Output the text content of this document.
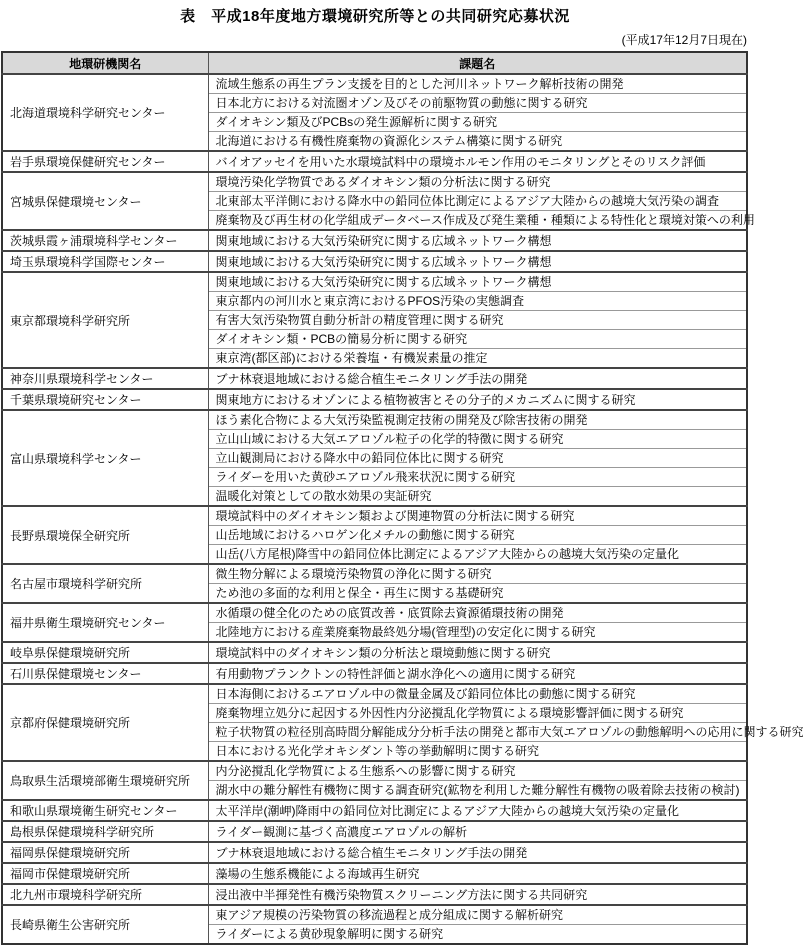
表　平成18年度地方環境研究所等との共同研究応募状況
(平成17年12月7日現在)
地環研機関名	課題名
北海道環境科学研究センター	流域生態系の再生プラン支援を目的とした河川ネットワーク解析技術の開発
	日本北方における対流圏オゾン及びその前駆物質の動態に関する研究
	ダイオキシン類及びPCBsの発生源解析に関する研究
	北海道における有機性廃棄物の資源化システム構築に関する研究
岩手県環境保健研究センター	バイオアッセイを用いた水環境試料中の環境ホルモン作用のモニタリングとそのリスク評価
宮城県保健環境センター	環境汚染化学物質であるダイオキシン類の分析法に関する研究
	北東部太平洋側における降水中の鉛同位体比測定によるアジア大陸からの越境大気汚染の調査
	廃棄物及び再生材の化学組成データベース作成及び発生業種・種類による特性化と環境対策への利用
茨城県霞ヶ浦環境科学センター	関東地域における大気汚染研究に関する広域ネットワーク構想
埼玉県環境科学国際センター	関東地域における大気汚染研究に関する広域ネットワーク構想
東京都環境科学研究所	関東地域における大気汚染研究に関する広域ネットワーク構想
	東京都内の河川水と東京湾におけるPFOS汚染の実態調査
	有害大気汚染物質自動分析計の精度管理に関する研究
	ダイオキシン類・PCBの簡易分析に関する研究
	東京湾(都区部)における栄養塩・有機炭素量の推定
神奈川県環境科学センター	ブナ林衰退地域における総合植生モニタリング手法の開発
千葉県環境研究センター	関東地方におけるオゾンによる植物被害とその分子的メカニズムに関する研究
富山県環境科学センター	ほう素化合物による大気汚染監視測定技術の開発及び除害技術の開発
	立山山域における大気エアロゾル粒子の化学的特徴に関する研究
	立山観測局における降水中の鉛同位体比に関する研究
	ライダーを用いた黄砂エアロゾル飛来状況に関する研究
	温暖化対策としての散水効果の実証研究
長野県環境保全研究所	環境試料中のダイオキシン類および関連物質の分析法に関する研究
	山岳地域におけるハロゲン化メチルの動態に関する研究
	山岳(八方尾根)降雪中の鉛同位体比測定によるアジア大陸からの越境大気汚染の定量化
名古屋市環境科学研究所	微生物分解による環境汚染物質の浄化に関する研究
	ため池の多面的な利用と保全・再生に関する基礎研究
福井県衛生環境研究センター	水循環の健全化のための底質改善・底質除去資源循環技術の開発
	北陸地方における産業廃棄物最終処分場(管理型)の安定化に関する研究
岐阜県保健環境研究所	環境試料中のダイオキシン類の分析法と環境動態に関する研究
石川県保健環境センター	有用動物プランクトンの特性評価と湖水浄化への適用に関する研究
京都府保健環境研究所	日本海側におけるエアロゾル中の微量金属及び鉛同位体比の動態に関する研究
	廃棄物埋立処分に起因する外因性内分泌撹乱化学物質による環境影響評価に関する研究
	粒子状物質の粒径別高時間分解能成分分析手法の開発と都市大気エアロゾルの動態解明への応用に関する研究
	日本における光化学オキシダント等の挙動解明に関する研究
鳥取県生活環境部衛生環境研究所	内分泌撹乱化学物質による生態系への影響に関する研究
	湖水中の難分解性有機物に関する調査研究(鉱物を利用した難分解性有機物の吸着除去技術の検討)
和歌山県環境衛生研究センター	太平洋岸(潮岬)降雨中の鉛同位対比測定によるアジア大陸からの越境大気汚染の定量化
島根県保健環境科学研究所	ライダー観測に基づく高濃度エアロゾルの解析
福岡県保健環境研究所	ブナ林衰退地域における総合植生モニタリング手法の開発
福岡市保健環境研究所	藻場の生態系機能による海域再生研究
北九州市環境科学研究所	浸出液中半揮発性有機汚染物質スクリーニング方法に関する共同研究
長崎県衛生公害研究所	東アジア規模の汚染物質の移流過程と成分組成に関する解析研究
	ライダーによる黄砂現象解明に関する研究
